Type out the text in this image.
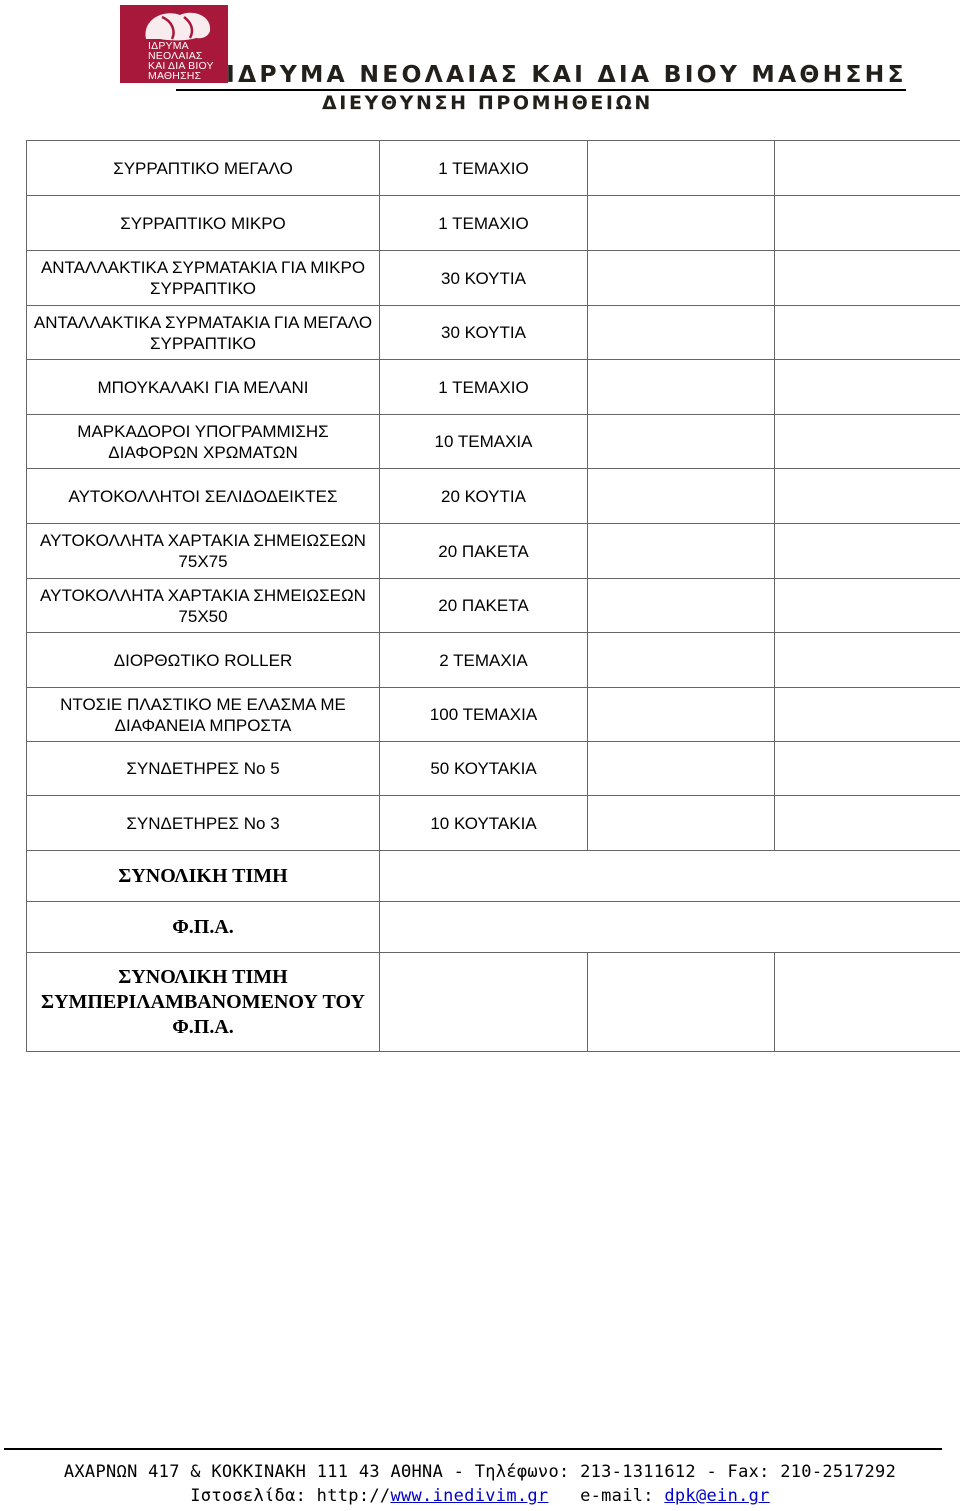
ΙΔΡΥΜΑ
ΝΕΟΛΑΙΑΣ
ΚΑΙ ΔΙΑ ΒΙΟΥ
ΜΑΘΗΣΗΣ	ΙΔΡΥΜΑ ΝΕΟΛΑΙΑΣ ΚΑΙ ΔΙΑ ΒΙΟΥ ΜΑΘΗΣΗΣ
ΔΙΕΥΘΥΝΣΗ ΠΡΟΜΗΘΕΙΩΝ
ΣΥΡΡΑΠΤΙΚΟ ΜΕΓΑΛΟ	1 ΤΕΜΑΧΙΟ		
ΣΥΡΡΑΠΤΙΚΟ ΜΙΚΡΟ	1 ΤΕΜΑΧΙΟ		
ΑΝΤΑΛΛΑΚΤΙΚΑ ΣΥΡΜΑΤΑΚΙΑ ΓΙΑ ΜΙΚΡΟ ΣΥΡΡΑΠΤΙΚΟ	30 ΚΟΥΤΙΑ		
ΑΝΤΑΛΛΑΚΤΙΚΑ ΣΥΡΜΑΤΑΚΙΑ ΓΙΑ ΜΕΓΑΛΟ ΣΥΡΡΑΠΤΙΚΟ	30 ΚΟΥΤΙΑ		
ΜΠΟΥΚΑΛΑΚΙ ΓΙΑ ΜΕΛΑΝΙ	1 ΤΕΜΑΧΙΟ		
ΜΑΡΚΑΔΟΡΟΙ ΥΠΟΓΡΑΜΜΙΣΗΣ ΔΙΑΦΟΡΩΝ ΧΡΩΜΑΤΩΝ	10 ΤΕΜΑΧΙΑ		
ΑΥΤΟΚΟΛΛΗΤΟΙ ΣΕΛΙΔΟΔΕΙΚΤΕΣ	20 ΚΟΥΤΙΑ		
ΑΥΤΟΚΟΛΛΗΤΑ ΧΑΡΤΑΚΙΑ ΣΗΜΕΙΩΣΕΩΝ 75Χ75	20 ΠΑΚΕΤΑ		
ΑΥΤΟΚΟΛΛΗΤΑ ΧΑΡΤΑΚΙΑ ΣΗΜΕΙΩΣΕΩΝ 75Χ50	20 ΠΑΚΕΤΑ		
ΔΙΟΡΘΩΤΙΚΟ ROLLER	2 ΤΕΜΑΧΙΑ		
ΝΤΟΣΙΕ ΠΛΑΣΤΙΚΟ ΜΕ ΕΛΑΣΜΑ ΜΕ ΔΙΑΦΑΝΕΙΑ ΜΠΡΟΣΤΑ	100 ΤΕΜΑΧΙΑ		
ΣΥΝΔΕΤΗΡΕΣ Νο 5	50 ΚΟΥΤΑΚΙΑ		
ΣΥΝΔΕΤΗΡΕΣ Νο 3	10 ΚΟΥΤΑΚΙΑ		
ΣΥΝΟΛΙΚΗ ΤΙΜΗ			
Φ.Π.Α.			
ΣΥΝΟΛΙΚΗ ΤΙΜΗ ΣΥΜΠΕΡΙΛΑΜΒΑΝΟΜΕΝΟΥ ΤΟΥ Φ.Π.Α.			
ΑΧΑΡΝΩΝ 417 & ΚΟΚΚΙΝΑΚΗ 111 43 ΑΘΗΝΑ - Τηλέφωνο: 213-1311612 - Fax: 210-2517292
Ιστοσελίδα: http://www.inedivim.gr e-mail: dpk@ein.gr
